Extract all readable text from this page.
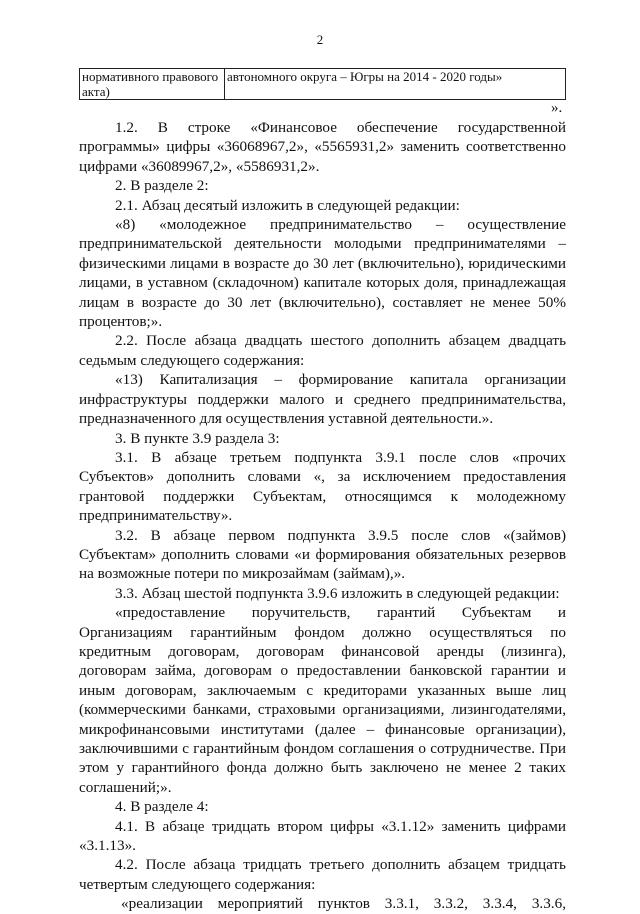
2
нормативного правового акта)	автономного округа – Югры на 2014 - 2020 годы»
».

1.2. В строке «Финансовое обеспечение государственной программы» цифры «36068967,2», «5565931,2» заменить соответственно цифрами «36089967,2», «5586931,2».

2. В разделе 2:

2.1. Абзац десятый изложить в следующей редакции:

«8) «молодежное предпринимательство – осуществление предпринимательской деятельности молодыми предпринимателями – физическими лицами в возрасте до 30 лет (включительно), юридическими лицами, в уставном (складочном) капитале которых доля, принадлежащая лицам в возрасте до 30 лет (включительно), составляет не менее 50% процентов;».

2.2. После абзаца двадцать шестого дополнить абзацем двадцать седьмым следующего содержания:

«13) Капитализация – формирование капитала организации инфраструктуры поддержки малого и среднего предпринимательства, предназначенного для осуществления уставной деятельности.».

3. В пункте 3.9 раздела 3:

3.1. В абзаце третьем подпункта 3.9.1 после слов «прочих Субъектов» дополнить словами «, за исключением предоставления грантовой поддержки Субъектам, относящимся к молодежному предпринимательству».

3.2. В абзаце первом подпункта 3.9.5 после слов «(займов) Субъектам» дополнить словами «и формирования обязательных резервов на возможные потери по микрозаймам (займам),».

3.3. Абзац шестой подпункта 3.9.6 изложить в следующей редакции:

«предоставление поручительств, гарантий Субъектам и Организациям гарантийным фондом должно осуществляться по кредитным договорам, договорам финансовой аренды (лизинга), договорам займа, договорам о предоставлении банковской гарантии и иным договорам, заключаемым с кредиторами указанных выше лиц (коммерческими банками, страховыми организациями, лизингодателями, микрофинансовыми институтами (далее – финансовые организации), заключившими с гарантийным фондом соглашения о сотрудничестве. При этом у гарантийного фонда должно быть заключено не менее 2 таких соглашений;».

4. В разделе 4:

4.1. В абзаце тридцать втором цифры «3.1.12» заменить цифрами «3.1.13».

4.2. После абзаца тридцать третьего дополнить абзацем тридцать четвертым следующего содержания:

«реализации мероприятий пунктов 3.3.1, 3.3.2, 3.3.4, 3.3.6,
